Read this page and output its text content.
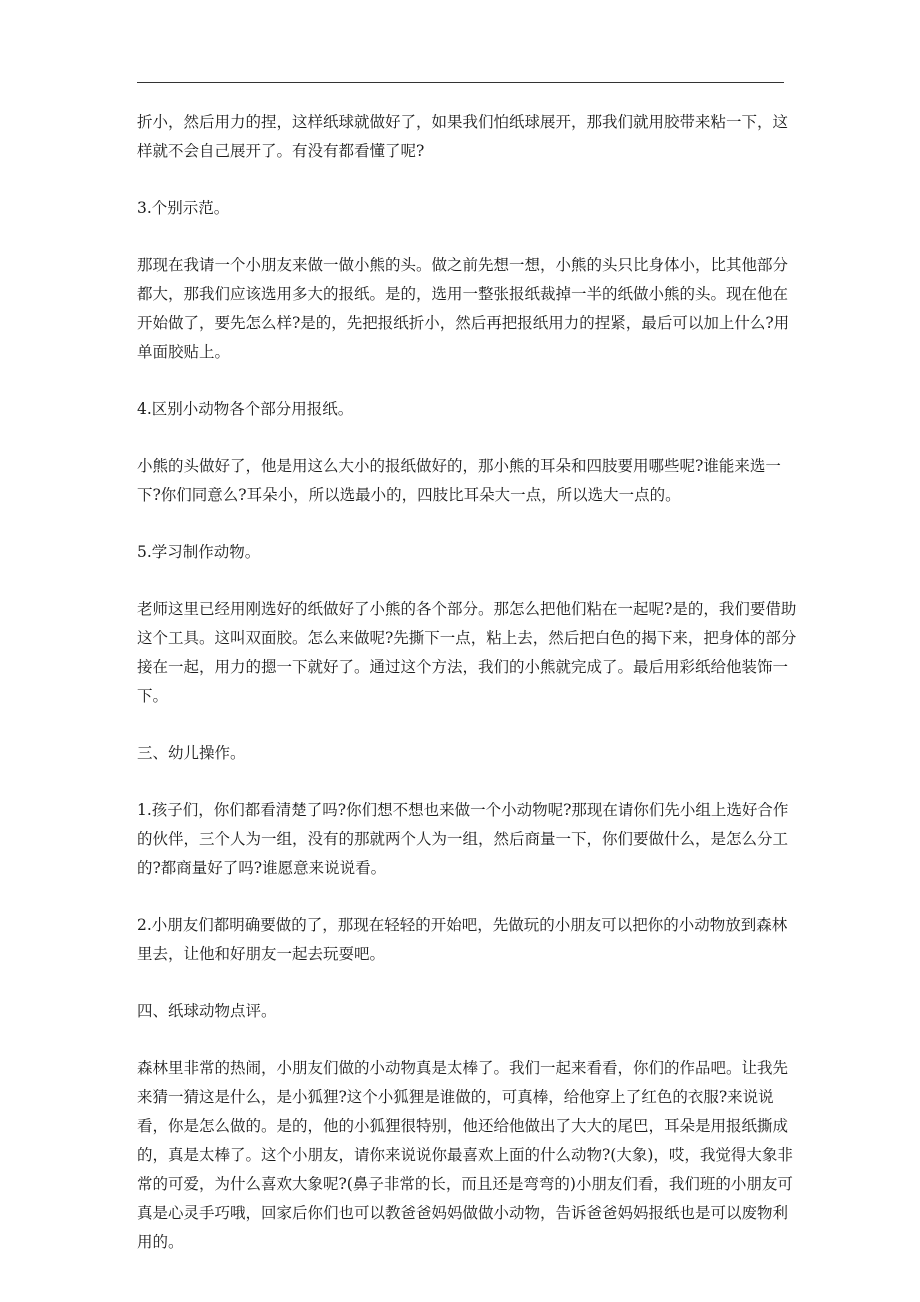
折小，然后用力的捏，这样纸球就做好了，如果我们怕纸球展开，那我们就用胶带来粘一下，这样就不会自己展开了。有没有都看懂了呢?

3.个别示范。

那现在我请一个小朋友来做一做小熊的头。做之前先想一想，小熊的头只比身体小，比其他部分都大，那我们应该选用多大的报纸。是的，选用一整张报纸裁掉一半的纸做小熊的头。现在他在开始做了，要先怎么样?是的，先把报纸折小，然后再把报纸用力的捏紧，最后可以加上什么?用单面胶贴上。

4.区别小动物各个部分用报纸。

小熊的头做好了，他是用这么大小的报纸做好的，那小熊的耳朵和四肢要用哪些呢?谁能来选一下?你们同意么?耳朵小，所以选最小的，四肢比耳朵大一点，所以选大一点的。

5.学习制作动物。

老师这里已经用刚选好的纸做好了小熊的各个部分。那怎么把他们粘在一起呢?是的，我们要借助这个工具。这叫双面胶。怎么来做呢?先撕下一点，粘上去，然后把白色的揭下来，把身体的部分接在一起，用力的摁一下就好了。通过这个方法，我们的小熊就完成了。最后用彩纸给他装饰一下。

三、幼儿操作。

1.孩子们，你们都看清楚了吗?你们想不想也来做一个小动物呢?那现在请你们先小组上选好合作的伙伴，三个人为一组，没有的那就两个人为一组，然后商量一下，你们要做什么，是怎么分工的?都商量好了吗?谁愿意来说说看。

2.小朋友们都明确要做的了，那现在轻轻的开始吧，先做玩的小朋友可以把你的小动物放到森林里去，让他和好朋友一起去玩耍吧。

四、纸球动物点评。

森林里非常的热闹，小朋友们做的小动物真是太棒了。我们一起来看看，你们的作品吧。让我先来猜一猜这是什么，是小狐狸?这个小狐狸是谁做的，可真棒，给他穿上了红色的衣服?来说说看，你是怎么做的。是的，他的小狐狸很特别，他还给他做出了大大的尾巴，耳朵是用报纸撕成的，真是太棒了。这个小朋友，请你来说说你最喜欢上面的什么动物?(大象)，哎，我觉得大象非常的可爱，为什么喜欢大象呢?(鼻子非常的长，而且还是弯弯的)小朋友们看，我们班的小朋友可真是心灵手巧哦，回家后你们也可以教爸爸妈妈做做小动物，告诉爸爸妈妈报纸也是可以废物利用的。
